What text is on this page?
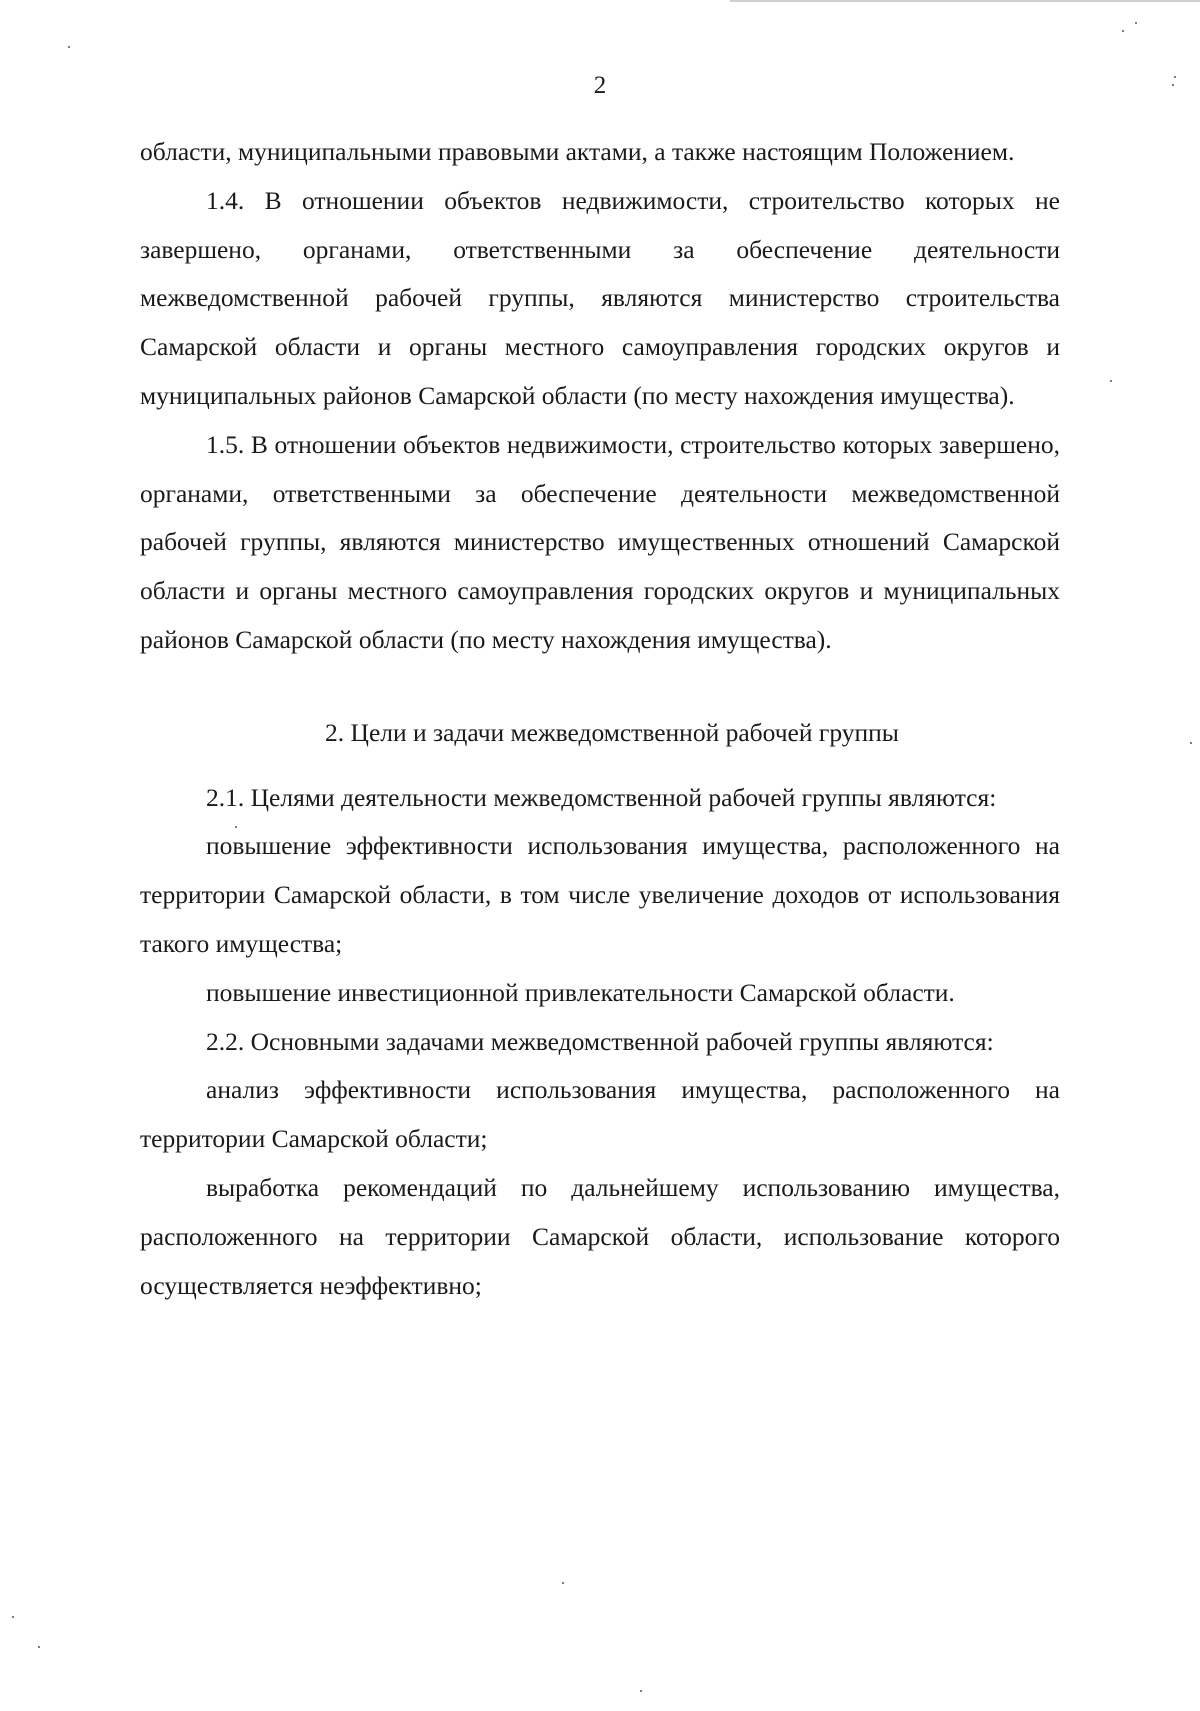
2

области, муниципальными правовыми актами, а также настоящим Положением.

1.4. В отношении объектов недвижимости, строительство которых не завершено, органами, ответственными за обеспечение деятельности межведомственной рабочей группы, являются министерство строительства Самарской области и органы местного самоуправления городских округов и муниципальных районов Самарской области (по месту нахождения имущества).

1.5. В отношении объектов недвижимости, строительство которых завершено, органами, ответственными за обеспечение деятельности межведомственной рабочей группы, являются министерство имущественных отношений Самарской области и органы местного самоуправления городских округов и муниципальных районов Самарской области (по месту нахождения имущества).

2. Цели и задачи межведомственной рабочей группы

2.1. Целями деятельности межведомственной рабочей группы являются:

повышение эффективности использования имущества, расположенного на территории Самарской области, в том числе увеличение доходов от использования такого имущества;

повышение инвестиционной привлекательности Самарской области.

2.2. Основными задачами межведомственной рабочей группы являются:

анализ эффективности использования имущества, расположенного на территории Самарской области;

выработка рекомендаций по дальнейшему использованию имущества, расположенного на территории Самарской области, использование которого осуществляется неэффективно;
